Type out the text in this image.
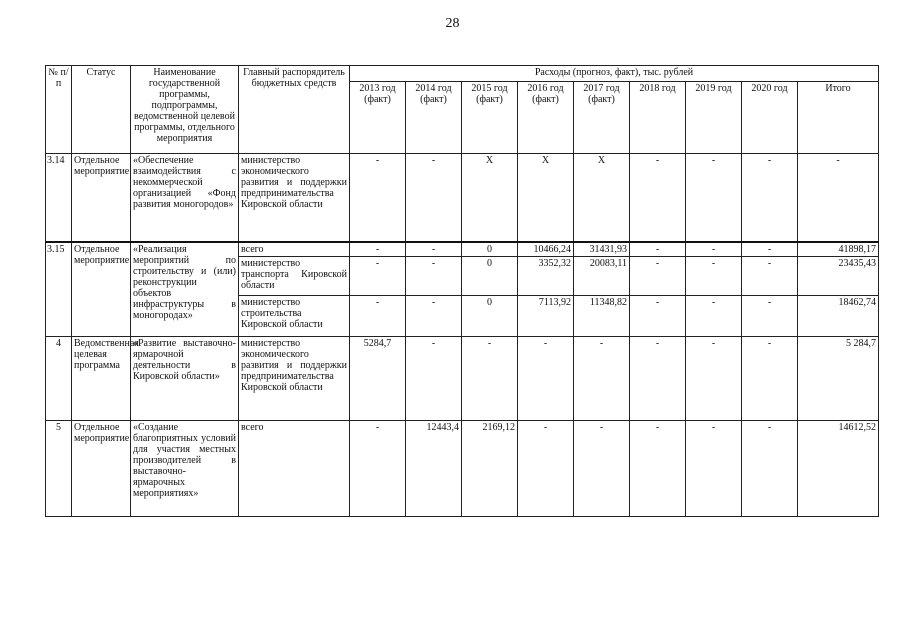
28
№ п/п	Статус	Наименование государственной программы, подпрограммы, ведомственной целевой программы, отдельного мероприятия	Главный распорядитель бюджетных средств	Расходы (прогноз, факт), тыс. рублей								
				2013 год (факт)	2014 год (факт)	2015 год (факт)	2016 год (факт)	2017 год (факт)	2018 год	2019 год	2020 год	Итого
3.14	Отдельное мероприятие	«Обеспечение взаимодействия с некоммерческой организацией «Фонд развития моногородов»	министерство экономического развития и поддержки предпринимательства Кировской области	-	-	Х	Х	Х	-	-	-	-
3.15	Отдельное мероприятие	«Реализация мероприятий по строительству и (или) реконструкции объектов инфраструктуры в моногородах»	всего	-	-	0	10466,24	31431,93	-	-	-	41898,17
			министерство транспорта Кировской области	-	-	0	3352,32	20083,11	-	-	-	23435,43
			министерство строительства Кировской области	-	-	0	7113,92	11348,82	-	-	-	18462,74
4	Ведомственная целевая программа	«Развитие выставочно-ярмарочной деятельности в Кировской области»	министерство экономического развития и поддержки предпринимательства Кировской области	5284,7	-	-	-	-	-	-	-	5 284,7
5	Отдельное мероприятие	«Создание благоприятных условий для участия местных производителей в выставочно-ярмарочных мероприятиях»	всего	-	12443,4	2169,12	-	-	-	-	-	14612,52
